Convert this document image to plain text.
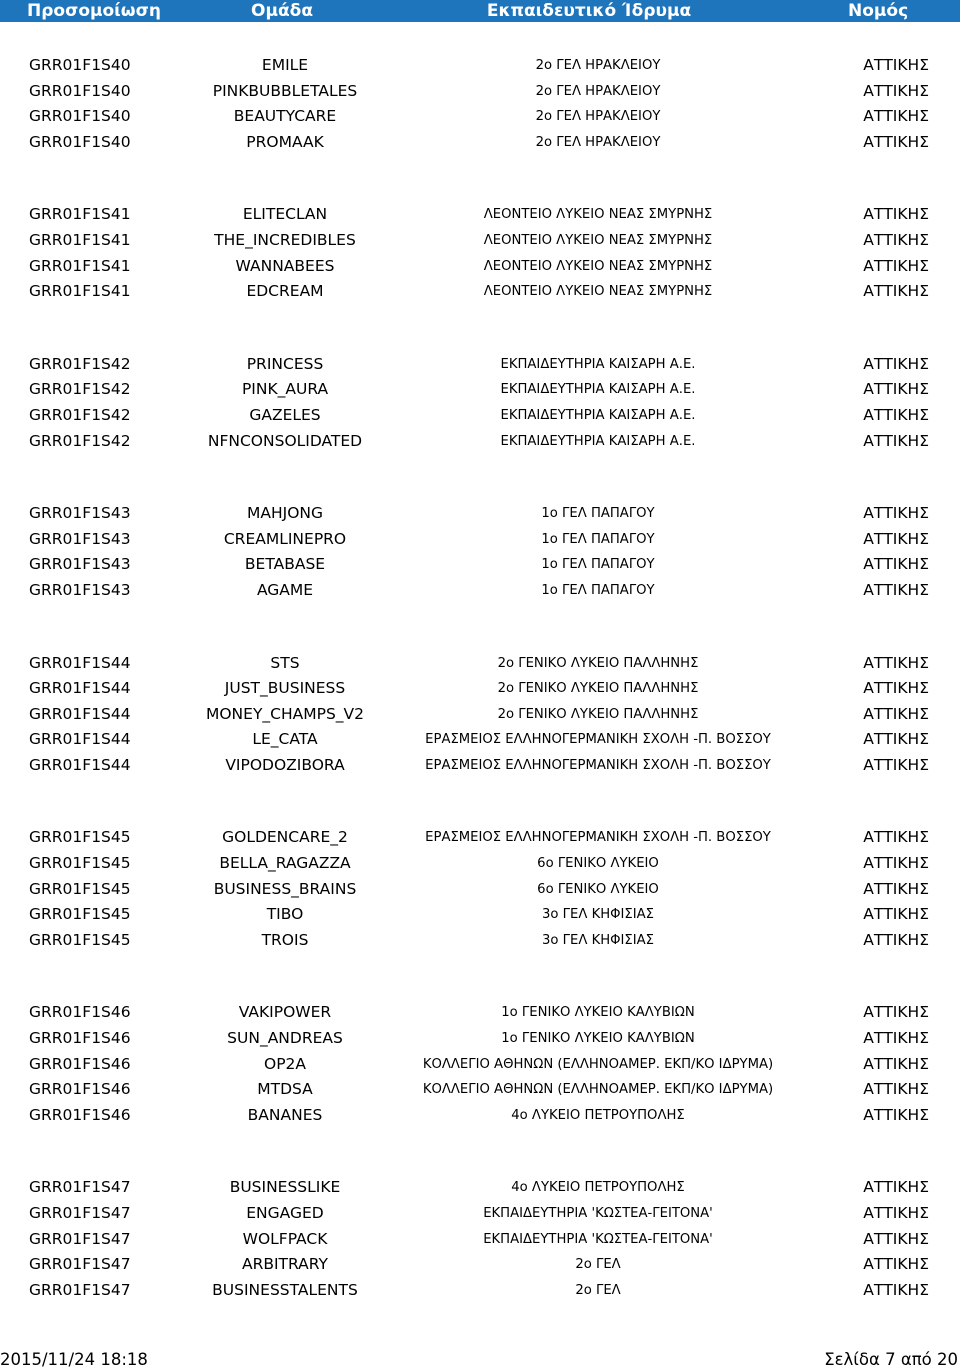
Προσομοίωση	Ομάδα	Εκπαιδευτικό Ίδρυμα	Νομός
GRR01F1S40	EMILE	2ο ΓΕΛ ΗΡΑΚΛΕΙΟΥ	ΑΤΤΙΚΗΣ
GRR01F1S40	PINKBUBBLETALES	2ο ΓΕΛ ΗΡΑΚΛΕΙΟΥ	ΑΤΤΙΚΗΣ
GRR01F1S40	BEAUTYCARE	2ο ΓΕΛ ΗΡΑΚΛΕΙΟΥ	ΑΤΤΙΚΗΣ
GRR01F1S40	PROMAAK	2ο ΓΕΛ ΗΡΑΚΛΕΙΟΥ	ΑΤΤΙΚΗΣ
GRR01F1S41	ELITECLAN	ΛΕΟΝΤΕΙΟ ΛΥΚΕΙΟ ΝΕΑΣ ΣΜΥΡΝΗΣ	ΑΤΤΙΚΗΣ
GRR01F1S41	THE_INCREDIBLES	ΛΕΟΝΤΕΙΟ ΛΥΚΕΙΟ ΝΕΑΣ ΣΜΥΡΝΗΣ	ΑΤΤΙΚΗΣ
GRR01F1S41	WANNABEES	ΛΕΟΝΤΕΙΟ ΛΥΚΕΙΟ ΝΕΑΣ ΣΜΥΡΝΗΣ	ΑΤΤΙΚΗΣ
GRR01F1S41	EDCREAM	ΛΕΟΝΤΕΙΟ ΛΥΚΕΙΟ ΝΕΑΣ ΣΜΥΡΝΗΣ	ΑΤΤΙΚΗΣ
GRR01F1S42	PRINCESS	ΕΚΠΑΙΔΕΥΤΗΡΙΑ ΚΑΙΣΑΡΗ Α.Ε.	ΑΤΤΙΚΗΣ
GRR01F1S42	PINK_AURA	ΕΚΠΑΙΔΕΥΤΗΡΙΑ ΚΑΙΣΑΡΗ Α.Ε.	ΑΤΤΙΚΗΣ
GRR01F1S42	GAZELES	ΕΚΠΑΙΔΕΥΤΗΡΙΑ ΚΑΙΣΑΡΗ Α.Ε.	ΑΤΤΙΚΗΣ
GRR01F1S42	NFNCONSOLIDATED	ΕΚΠΑΙΔΕΥΤΗΡΙΑ ΚΑΙΣΑΡΗ Α.Ε.	ΑΤΤΙΚΗΣ
GRR01F1S43	MAHJONG	1ο ΓΕΛ ΠΑΠΑΓΟΥ	ΑΤΤΙΚΗΣ
GRR01F1S43	CREAMLINEPRO	1ο ΓΕΛ ΠΑΠΑΓΟΥ	ΑΤΤΙΚΗΣ
GRR01F1S43	BETABASE	1ο ΓΕΛ ΠΑΠΑΓΟΥ	ΑΤΤΙΚΗΣ
GRR01F1S43	AGAME	1ο ΓΕΛ ΠΑΠΑΓΟΥ	ΑΤΤΙΚΗΣ
GRR01F1S44	STS	2ο ΓΕΝΙΚΟ ΛΥΚΕΙΟ ΠΑΛΛΗΝΗΣ	ΑΤΤΙΚΗΣ
GRR01F1S44	JUST_BUSINESS	2ο ΓΕΝΙΚΟ ΛΥΚΕΙΟ ΠΑΛΛΗΝΗΣ	ΑΤΤΙΚΗΣ
GRR01F1S44	MONEY_CHAMPS_V2	2ο ΓΕΝΙΚΟ ΛΥΚΕΙΟ ΠΑΛΛΗΝΗΣ	ΑΤΤΙΚΗΣ
GRR01F1S44	LE_CATA	ΕΡΑΣΜΕΙΟΣ ΕΛΛΗΝΟΓΕΡΜΑΝΙΚΗ ΣΧΟΛΗ -Π. ΒΟΣΣΟΥ	ΑΤΤΙΚΗΣ
GRR01F1S44	VIPODOZIBORA	ΕΡΑΣΜΕΙΟΣ ΕΛΛΗΝΟΓΕΡΜΑΝΙΚΗ ΣΧΟΛΗ -Π. ΒΟΣΣΟΥ	ΑΤΤΙΚΗΣ
GRR01F1S45	GOLDENCARE_2	ΕΡΑΣΜΕΙΟΣ ΕΛΛΗΝΟΓΕΡΜΑΝΙΚΗ ΣΧΟΛΗ -Π. ΒΟΣΣΟΥ	ΑΤΤΙΚΗΣ
GRR01F1S45	BELLA_RAGAZZA	6ο ΓΕΝΙΚΟ ΛΥΚΕΙΟ	ΑΤΤΙΚΗΣ
GRR01F1S45	BUSINESS_BRAINS	6ο ΓΕΝΙΚΟ ΛΥΚΕΙΟ	ΑΤΤΙΚΗΣ
GRR01F1S45	TIBO	3ο ΓΕΛ ΚΗΦΙΣΙΑΣ	ΑΤΤΙΚΗΣ
GRR01F1S45	TROIS	3ο ΓΕΛ ΚΗΦΙΣΙΑΣ	ΑΤΤΙΚΗΣ
GRR01F1S46	VAKIPOWER	1ο ΓΕΝΙΚΟ ΛΥΚΕΙΟ ΚΑΛΥΒΙΩΝ	ΑΤΤΙΚΗΣ
GRR01F1S46	SUN_ANDREAS	1ο ΓΕΝΙΚΟ ΛΥΚΕΙΟ ΚΑΛΥΒΙΩΝ	ΑΤΤΙΚΗΣ
GRR01F1S46	OP2A	ΚΟΛΛΕΓΙΟ ΑΘΗΝΩΝ (ΕΛΛΗΝΟΑΜΕΡ. ΕΚΠ/ΚΟ ΙΔΡΥΜΑ)	ΑΤΤΙΚΗΣ
GRR01F1S46	MTDSA	ΚΟΛΛΕΓΙΟ ΑΘΗΝΩΝ (ΕΛΛΗΝΟΑΜΕΡ. ΕΚΠ/ΚΟ ΙΔΡΥΜΑ)	ΑΤΤΙΚΗΣ
GRR01F1S46	BANANES	4ο ΛΥΚΕΙΟ ΠΕΤΡΟΥΠΟΛΗΣ	ΑΤΤΙΚΗΣ
GRR01F1S47	BUSINESSLIKE	4ο ΛΥΚΕΙΟ ΠΕΤΡΟΥΠΟΛΗΣ	ΑΤΤΙΚΗΣ
GRR01F1S47	ENGAGED	ΕΚΠΑΙΔΕΥΤΗΡΙΑ 'ΚΩΣΤΕΑ-ΓΕΙΤΟΝΑ'	ΑΤΤΙΚΗΣ
GRR01F1S47	WOLFPACK	ΕΚΠΑΙΔΕΥΤΗΡΙΑ 'ΚΩΣΤΕΑ-ΓΕΙΤΟΝΑ'	ΑΤΤΙΚΗΣ
GRR01F1S47	ARBITRARY	2ο ΓΕΛ	ΑΤΤΙΚΗΣ
GRR01F1S47	BUSINESSTALENTS	2ο ΓΕΛ	ΑΤΤΙΚΗΣ
2015/11/24 18:18	Σελίδα 7 από 20
